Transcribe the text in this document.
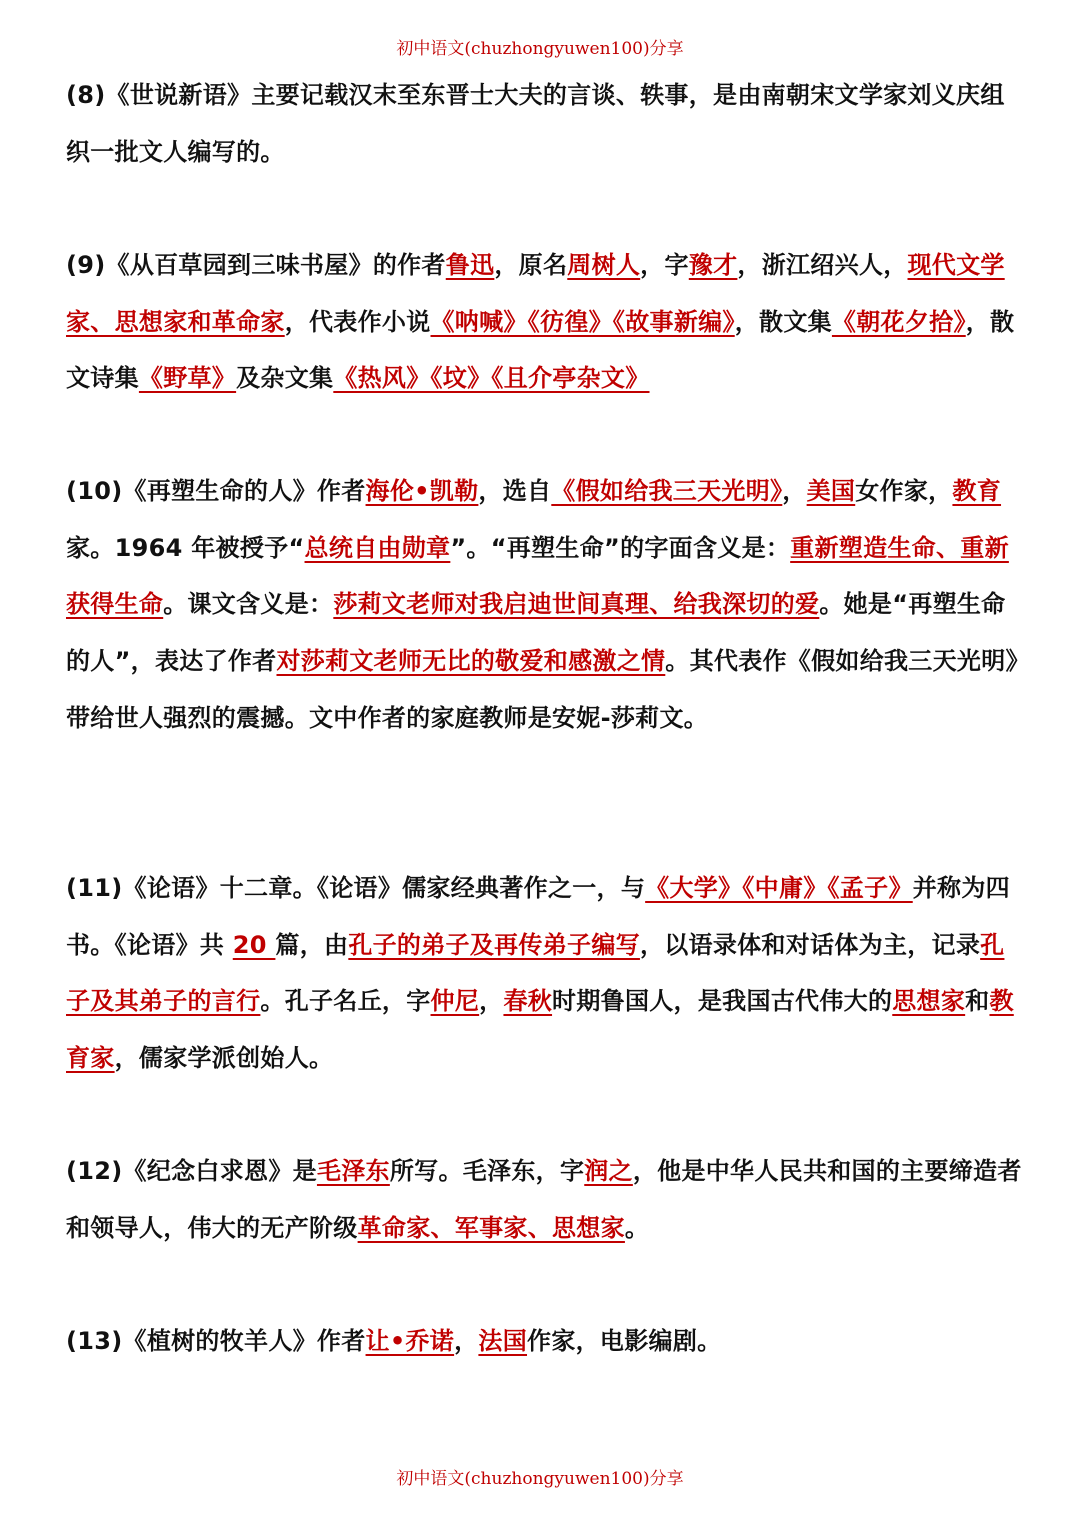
初中语文(chuzhongyuwen100)分享
(8)《世说新语》主要记载汉末至东晋士大夫的言谈、轶事，是由南朝宋文学家刘义庆组织一批文人编写的。
(9)《从百草园到三味书屋》的作者鲁迅，原名周树人，字豫才，浙江绍兴人，现代文学家、思想家和革命家，代表作小说《呐喊》《彷徨》《故事新编》，散文集《朝花夕拾》，散文诗集《野草》及杂文集《热风》《坟》《且介亭杂文》
(10)《再塑生命的人》作者海伦•凯勒，选自《假如给我三天光明》，美国女作家，教育家。1964 年被授予“总统自由勋章”。“再塑生命”的字面含义是：重新塑造生命、重新获得生命。课文含义是：莎莉文老师对我启迪世间真理、给我深切的爱。她是“再塑生命的人”，表达了作者对莎莉文老师无比的敬爱和感激之情。其代表作《假如给我三天光明》带给世人强烈的震撼。文中作者的家庭教师是安妮-莎莉文。
(11)《论语》十二章。《论语》儒家经典著作之一，与《大学》《中庸》《孟子》并称为四书。《论语》共 20 篇，由孔子的弟子及再传弟子编写，以语录体和对话体为主，记录孔子及其弟子的言行。孔子名丘，字仲尼，春秋时期鲁国人，是我国古代伟大的思想家和教育家，儒家学派创始人。
(12)《纪念白求恩》是毛泽东所写。毛泽东，字润之，他是中华人民共和国的主要缔造者和领导人，伟大的无产阶级革命家、军事家、思想家。
(13)《植树的牧羊人》作者让•乔诺，法国作家，电影编剧。
初中语文(chuzhongyuwen100)分享
